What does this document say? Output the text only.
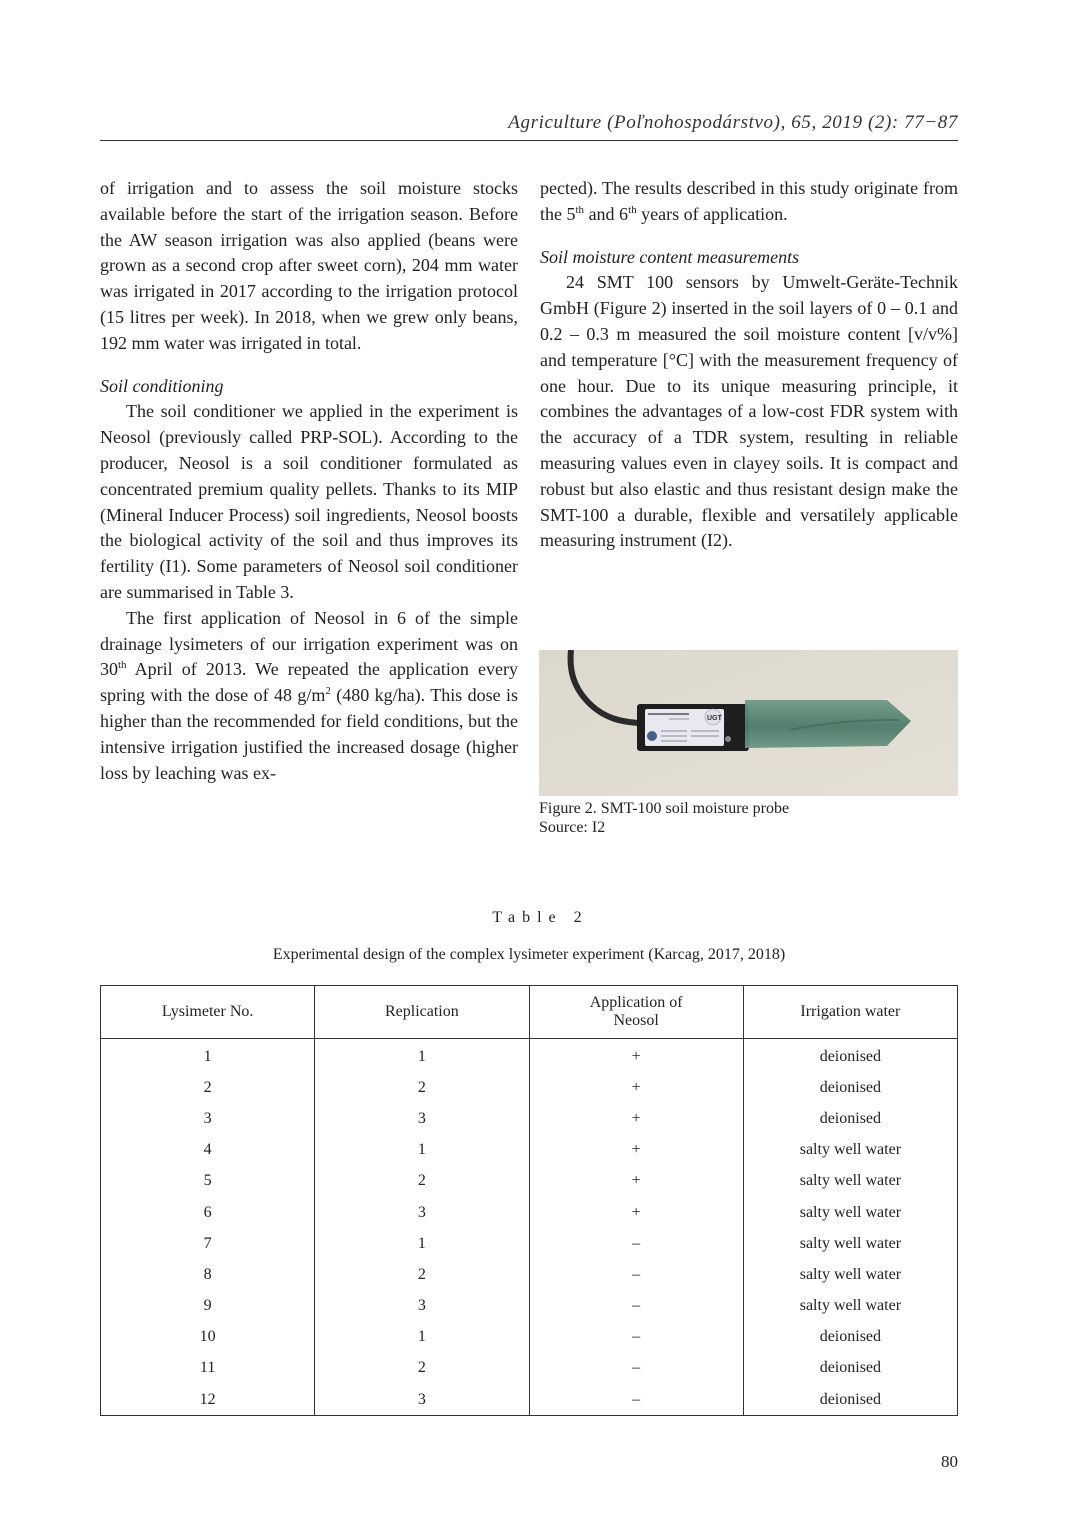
Agriculture (Poľnohospodárstvo), 65, 2019 (2): 77−87

of irrigation and to assess the soil moisture stocks available before the start of the irrigation season. Before the AW season irrigation was also applied (beans were grown as a second crop after sweet corn), 204 mm water was irrigated in 2017 according to the irrigation protocol (15 litres per week). In 2018, when we grew only beans, 192 mm water was irrigated in total.

Soil conditioning

The soil conditioner we applied in the experiment is Neosol (previously called PRP-SOL). According to the producer, Neosol is a soil conditioner formulated as concentrated premium quality pellets. Thanks to its MIP (Mineral Inducer Process) soil ingredients, Neosol boosts the biological activity of the soil and thus improves its fertility (I1). Some parameters of Neosol soil conditioner are summarised in Table 3.

The first application of Neosol in 6 of the simple drainage lysimeters of our irrigation experiment was on 30th April of 2013. We repeated the application every spring with the dose of 48 $g/m^2$ (480 kg/ha). This dose is higher than the recommended for field conditions, but the intensive irrigation justified the increased dosage (higher loss by leaching was ex-

pected). The results described in this study originate from the 5th and 6th years of application.

Soil moisture content measurements

24 SMT 100 sensors by Umwelt-Geräte-Technik GmbH (Figure 2) inserted in the soil layers of 0 – 0.1 and 0.2 – 0.3 m measured the soil moisture content [v/v%] and temperature [°C] with the measurement frequency of one hour. Due to its unique measuring principle, it combines the advantages of a low-cost FDR system with the accuracy of a TDR system, resulting in reliable measuring values even in clayey soils. It is compact and robust but also elastic and thus resistant design make the SMT-100 a durable, flexible and versatilely applicable measuring instrument (I2).

UGT
Figure 2. SMT-100 soil moisture probe
Source: I2
Table 2
Experimental design of the complex lysimeter experiment (Karcag, 2017, 2018)
Lysimeter No.	Replication	Application of Neosol	Irrigation water
1	1	+	deionised
2	2	+	deionised
3	3	+	deionised
4	1	+	salty well water
5	2	+	salty well water
6	3	+	salty well water
7	1	–	salty well water
8	2	–	salty well water
9	3	–	salty well water
10	1	–	deionised
11	2	–	deionised
12	3	–	deionised
80
